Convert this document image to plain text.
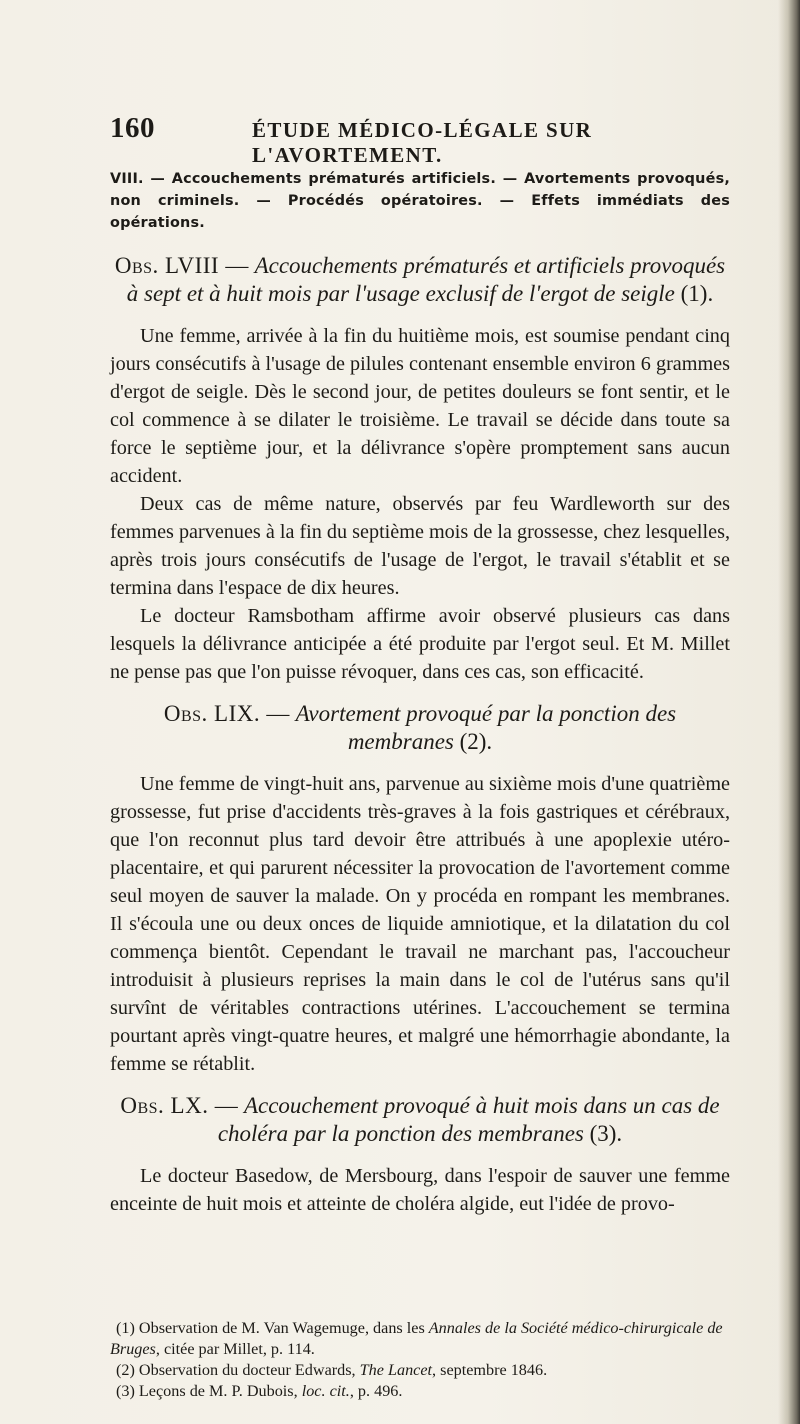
160	ÉTUDE MÉDICO-LÉGALE SUR L'AVORTEMENT.
VIII. — Accouchements prématurés artificiels. — Avortements provoqués, non criminels. — Procédés opératoires. — Effets immédiats des opérations.
Obs. LVIII — Accouchements prématurés et artificiels provoqués à sept et à huit mois par l'usage exclusif de l'ergot de seigle (1).

Une femme, arrivée à la fin du huitième mois, est soumise pendant cinq jours consécutifs à l'usage de pilules contenant ensemble environ 6 grammes d'ergot de seigle. Dès le second jour, de petites douleurs se font sentir, et le col commence à se dilater le troisième. Le travail se décide dans toute sa force le septième jour, et la délivrance s'opère promptement sans aucun accident.

Deux cas de même nature, observés par feu Wardleworth sur des femmes parvenues à la fin du septième mois de la grossesse, chez lesquelles, après trois jours consécutifs de l'usage de l'ergot, le travail s'établit et se termina dans l'espace de dix heures.

Le docteur Ramsbotham affirme avoir observé plusieurs cas dans lesquels la délivrance anticipée a été produite par l'ergot seul. Et M. Millet ne pense pas que l'on puisse révoquer, dans ces cas, son efficacité.

Obs. LIX. — Avortement provoqué par la ponction des membranes (2).

Une femme de vingt-huit ans, parvenue au sixième mois d'une quatrième grossesse, fut prise d'accidents très-graves à la fois gastriques et cérébraux, que l'on reconnut plus tard devoir être attribués à une apoplexie utéro-placentaire, et qui parurent nécessiter la provocation de l'avortement comme seul moyen de sauver la malade. On y procéda en rompant les membranes. Il s'écoula une ou deux onces de liquide amniotique, et la dilatation du col commença bientôt. Cependant le travail ne marchant pas, l'accoucheur introduisit à plusieurs reprises la main dans le col de l'utérus sans qu'il survînt de véritables contractions utérines. L'accouchement se termina pourtant après vingt-quatre heures, et malgré une hémorrhagie abondante, la femme se rétablit.

Obs. LX. — Accouchement provoqué à huit mois dans un cas de choléra par la ponction des membranes (3).

Le docteur Basedow, de Mersbourg, dans l'espoir de sauver une femme enceinte de huit mois et atteinte de choléra algide, eut l'idée de provo-

(1) Observation de M. Van Wagemuge, dans les Annales de la Société médico-chirurgicale de Bruges, citée par Millet, p. 114.

(2) Observation du docteur Edwards, The Lancet, septembre 1846.

(3) Leçons de M. P. Dubois, loc. cit., p. 496.
